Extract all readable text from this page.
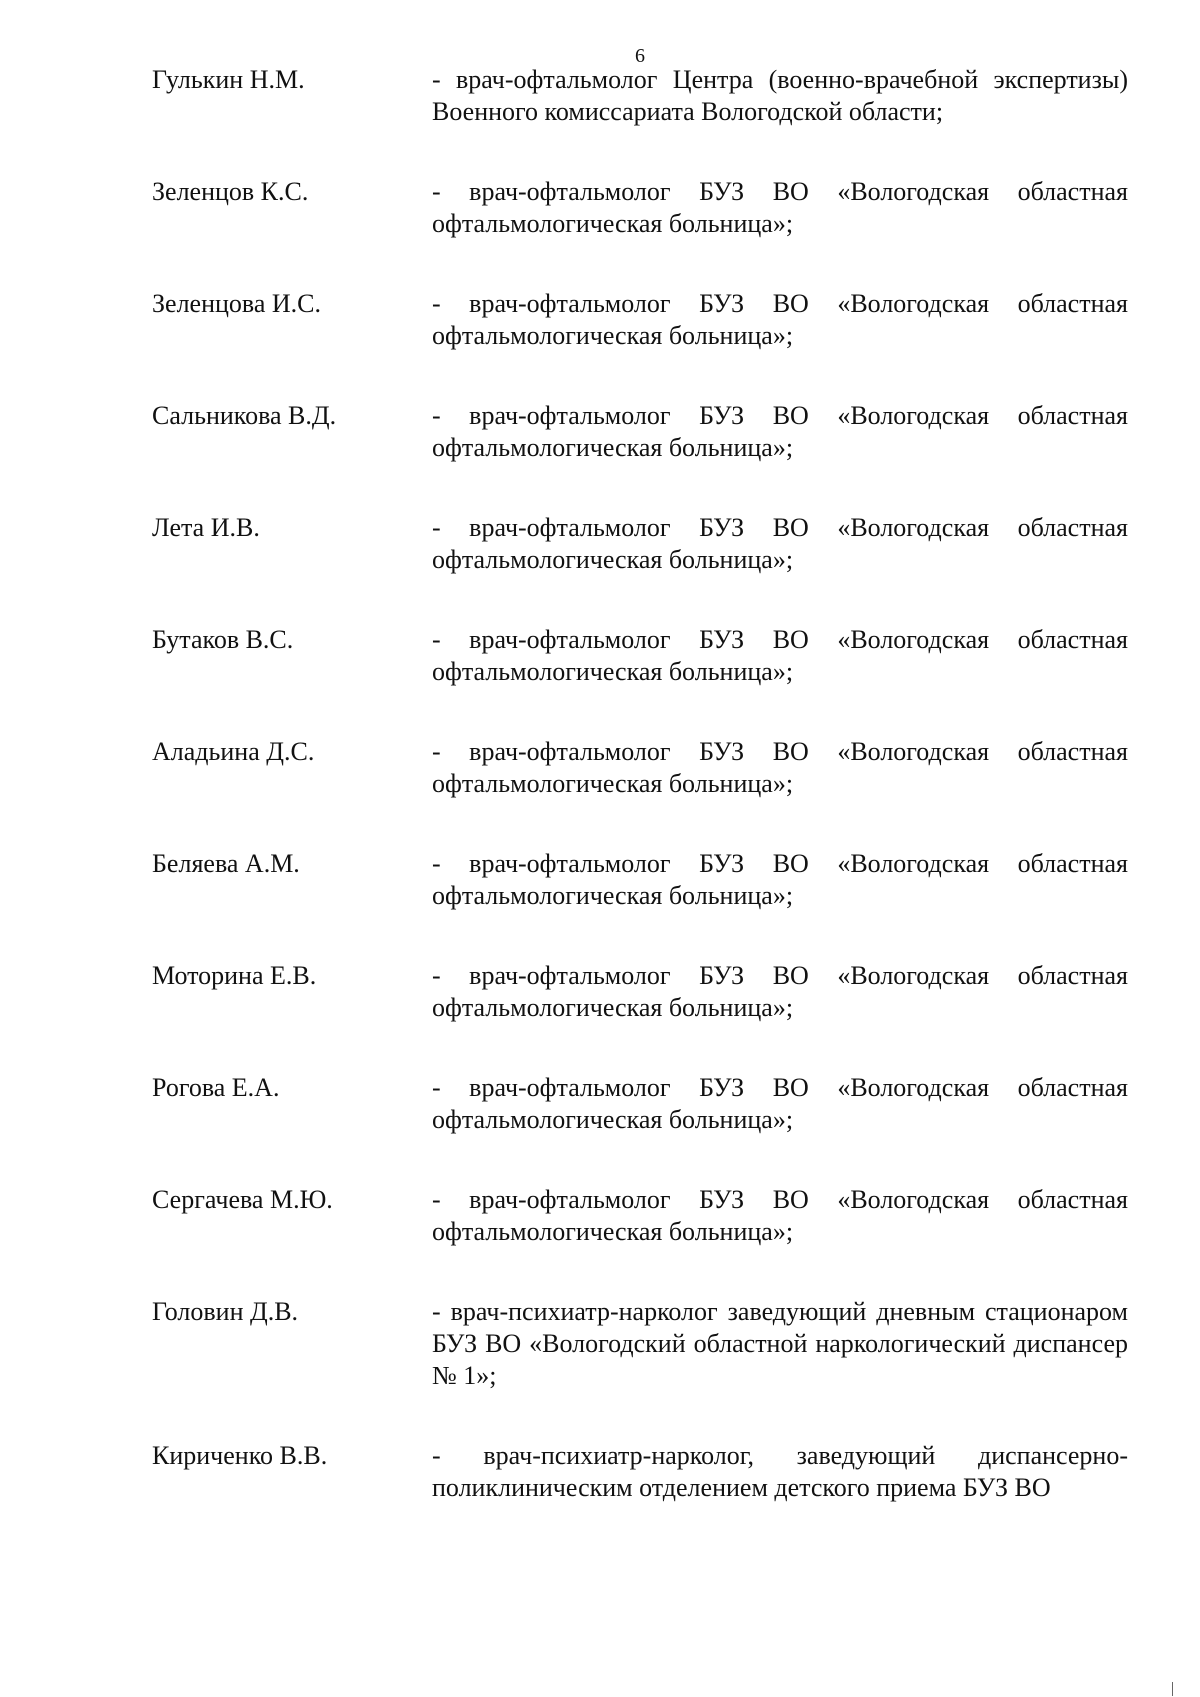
6
Гулькин Н.М.	- врач-офтальмолог Центра (военно-врачебной экспертизы) Военного комиссариата Вологодской области;
Зеленцов К.С.	- врач-офтальмолог БУЗ ВО «Вологодская областная офтальмологическая больница»;
Зеленцова И.С.	- врач-офтальмолог БУЗ ВО «Вологодская областная офтальмологическая больница»;
Сальникова В.Д.	- врач-офтальмолог БУЗ ВО «Вологодская областная офтальмологическая больница»;
Лета И.В.	- врач-офтальмолог БУЗ ВО «Вологодская областная офтальмологическая больница»;
Бутаков В.С.	- врач-офтальмолог БУЗ ВО «Вологодская областная офтальмологическая больница»;
Аладьина Д.С.	- врач-офтальмолог БУЗ ВО «Вологодская областная офтальмологическая больница»;
Беляева А.М.	- врач-офтальмолог БУЗ ВО «Вологодская областная офтальмологическая больница»;
Моторина Е.В.	- врач-офтальмолог БУЗ ВО «Вологодская областная офтальмологическая больница»;
Рогова Е.А.	- врач-офтальмолог БУЗ ВО «Вологодская областная офтальмологическая больница»;
Сергачева М.Ю.	- врач-офтальмолог БУЗ ВО «Вологодская областная офтальмологическая больница»;
Головин Д.В.	- врач-психиатр-нарколог заведующий дневным стационаром БУЗ ВО «Вологодский областной наркологический диспансер № 1»;
Кириченко В.В.	- врач-психиатр-нарколог, заведующий диспансерно-поликлиническим отделением детского приема БУЗ ВО
